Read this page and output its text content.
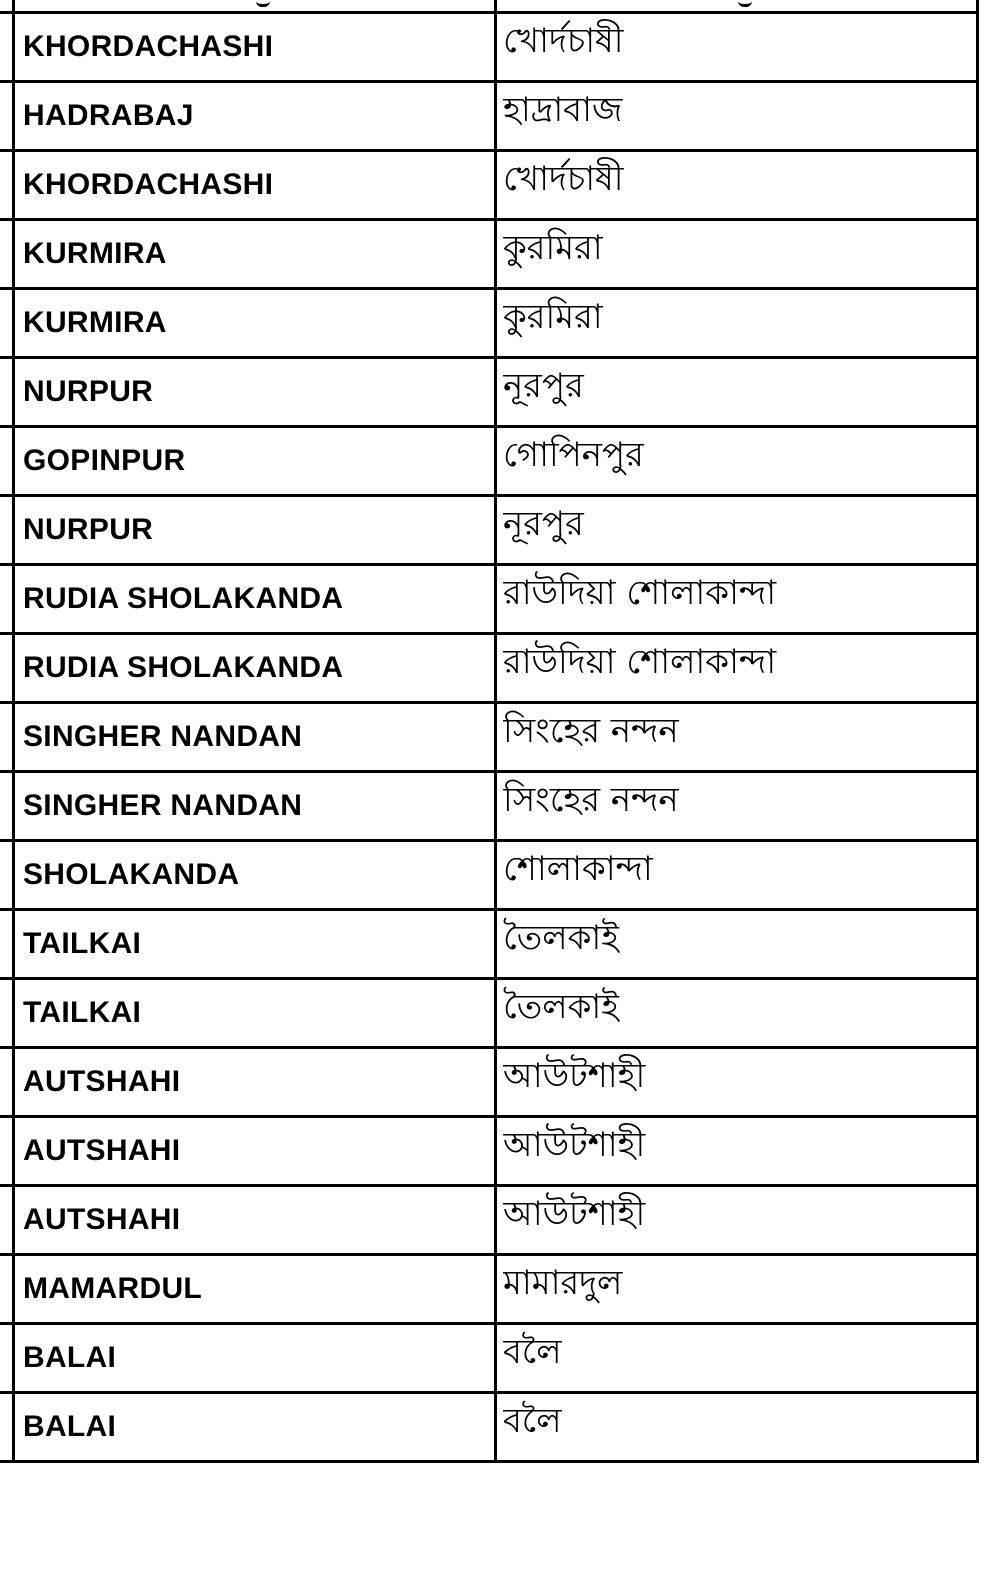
KHORDACHASHI	খোর্দচাষী
HADRABAJ	হাদ্রাবাজ
KHORDACHASHI	খোর্দচাষী
KURMIRA	কুরমিরা
KURMIRA	কুরমিরা
NURPUR	নূরপুর
GOPINPUR	গোপিনপুর
NURPUR	নূরপুর
RUDIA SHOLAKANDA	রাউদিয়া শোলাকান্দা
RUDIA SHOLAKANDA	রাউদিয়া শোলাকান্দা
SINGHER NANDAN	সিংহের নন্দন
SINGHER NANDAN	সিংহের নন্দন
SHOLAKANDA	শোলাকান্দা
TAILKAI	তৈলকাই
TAILKAI	তৈলকাই
AUTSHAHI	আউটশাহী
AUTSHAHI	আউটশাহী
AUTSHAHI	আউটশাহী
MAMARDUL	মামারদুল
BALAI	বলৈ
BALAI	বলৈ
